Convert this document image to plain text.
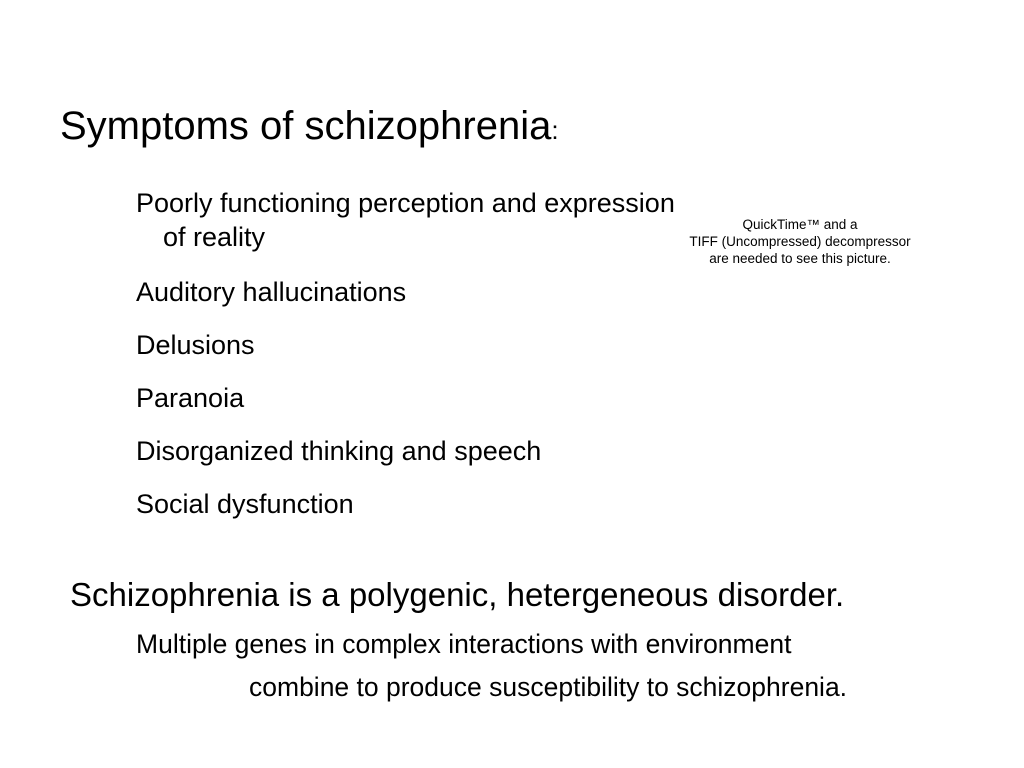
Symptoms of schizophrenia:
Poorly functioning perception and expression of reality
Auditory hallucinations
Delusions
Paranoia
Disorganized thinking and speech
Social dysfunction
QuickTime™ and a
TIFF (Uncompressed) decompressor
are needed to see this picture.
Schizophrenia is a polygenic, hetergeneous disorder.
Multiple genes in complex interactions with environment
combine to produce susceptibility to schizophrenia.
